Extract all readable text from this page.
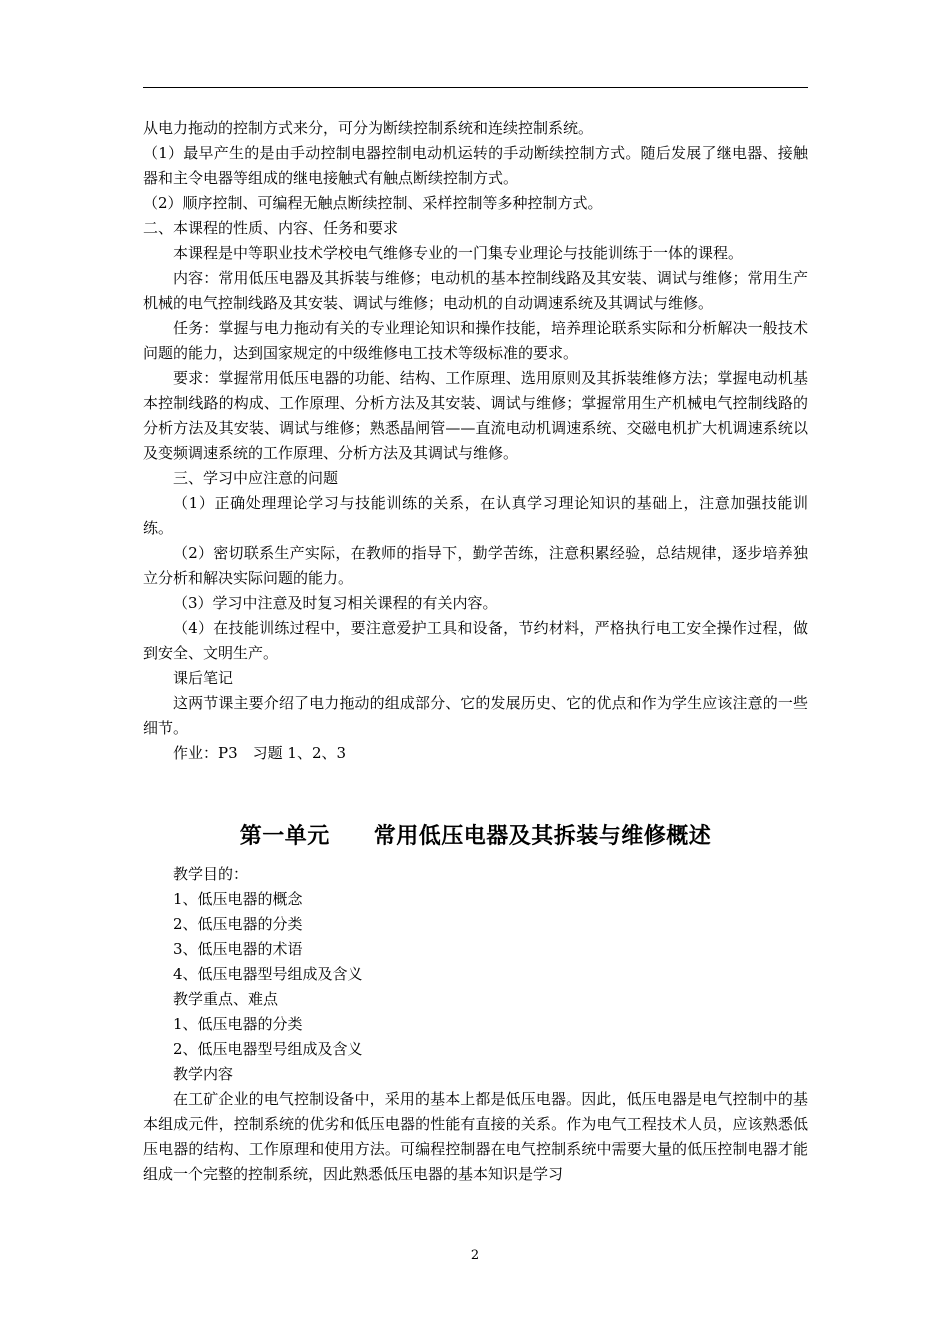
从电力拖动的控制方式来分，可分为断续控制系统和连续控制系统。

（1）最早产生的是由手动控制电器控制电动机运转的手动断续控制方式。随后发展了继电器、接触器和主令电器等组成的继电接触式有触点断续控制方式。

（2）顺序控制、可编程无触点断续控制、采样控制等多种控制方式。

二、本课程的性质、内容、任务和要求

本课程是中等职业技术学校电气维修专业的一门集专业理论与技能训练于一体的课程。

内容：常用低压电器及其拆装与维修；电动机的基本控制线路及其安装、调试与维修；常用生产机械的电气控制线路及其安装、调试与维修；电动机的自动调速系统及其调试与维修。

任务：掌握与电力拖动有关的专业理论知识和操作技能，培养理论联系实际和分析解决一般技术问题的能力，达到国家规定的中级维修电工技术等级标准的要求。

要求：掌握常用低压电器的功能、结构、工作原理、选用原则及其拆装维修方法；掌握电动机基本控制线路的构成、工作原理、分析方法及其安装、调试与维修；掌握常用生产机械电气控制线路的分析方法及其安装、调试与维修；熟悉晶闸管——直流电动机调速系统、交磁电机扩大机调速系统以及变频调速系统的工作原理、分析方法及其调试与维修。

三、学习中应注意的问题

（1）正确处理理论学习与技能训练的关系，在认真学习理论知识的基础上，注意加强技能训练。

（2）密切联系生产实际，在教师的指导下，勤学苦练，注意积累经验，总结规律，逐步培养独立分析和解决实际问题的能力。

（3）学习中注意及时复习相关课程的有关内容。

（4）在技能训练过程中，要注意爱护工具和设备，节约材料，严格执行电工安全操作过程，做到安全、文明生产。

课后笔记

这两节课主要介绍了电力拖动的组成部分、它的发展历史、它的优点和作为学生应该注意的一些细节。

作业：P3　习题 1、2、3

第一单元 常用低压电器及其拆装与维修概述

教学目的：

1、低压电器的概念

2、低压电器的分类

3、低压电器的术语

4、低压电器型号组成及含义

教学重点、难点

1、低压电器的分类

2、低压电器型号组成及含义

教学内容

在工矿企业的电气控制设备中，采用的基本上都是低压电器。因此，低压电器是电气控制中的基本组成元件，控制系统的优劣和低压电器的性能有直接的关系。作为电气工程技术人员，应该熟悉低压电器的结构、工作原理和使用方法。可编程控制器在电气控制系统中需要大量的低压控制电器才能组成一个完整的控制系统，因此熟悉低压电器的基本知识是学习

2
